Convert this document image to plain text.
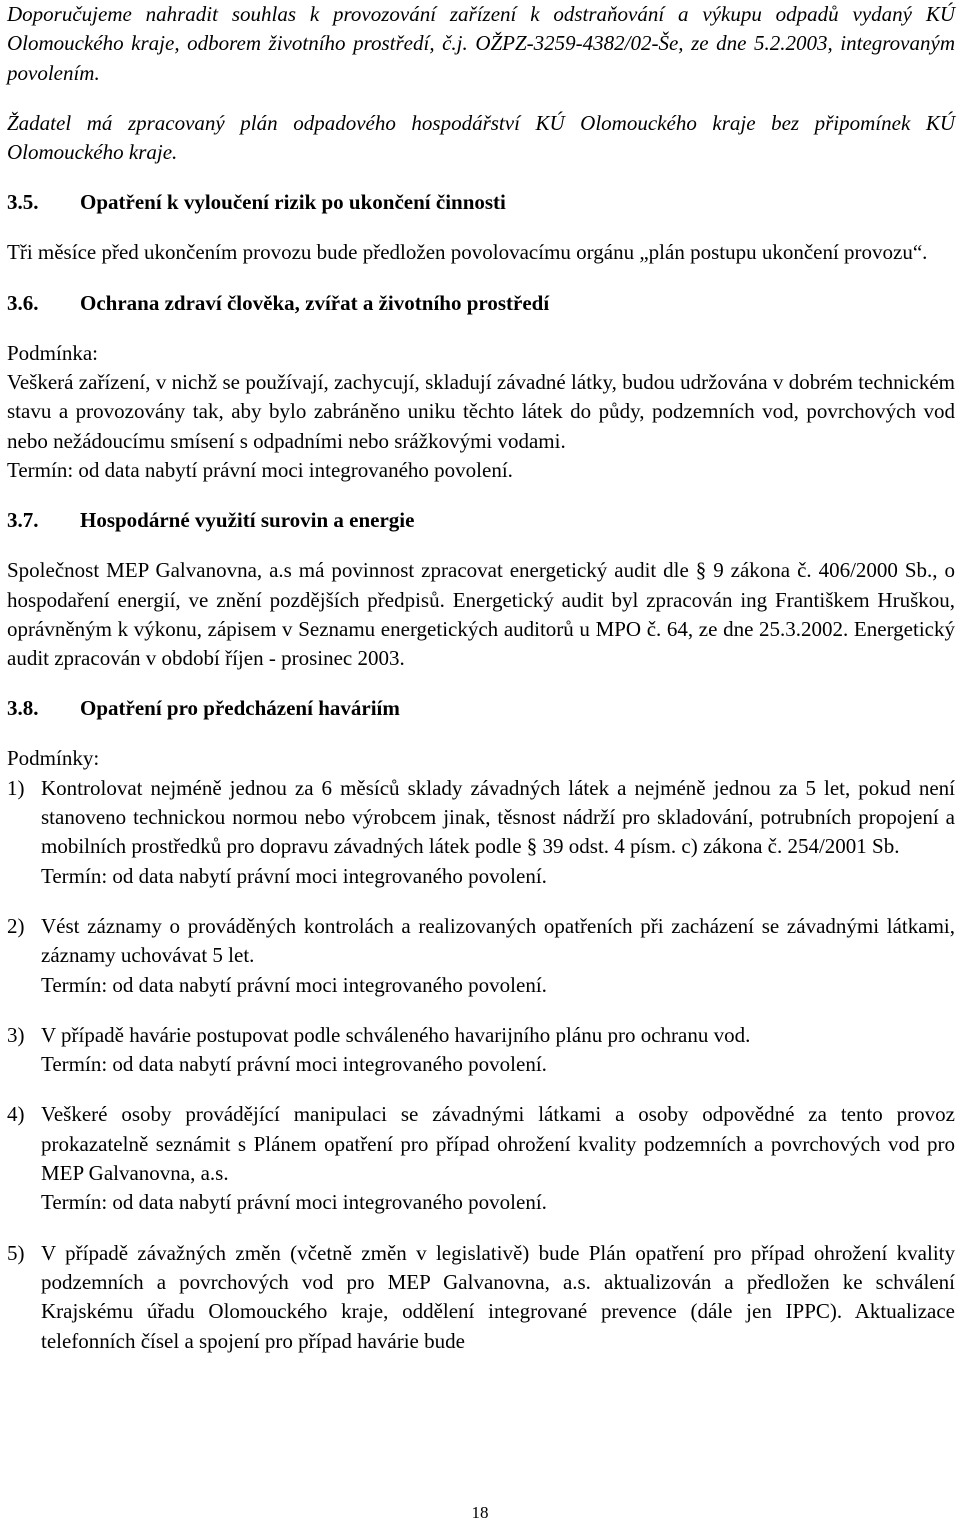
Doporučujeme nahradit souhlas k provozování zařízení k odstraňování a výkupu odpadů vydaný KÚ Olomouckého kraje, odborem životního prostředí, č.j. OŽPZ-3259-4382/02-Še, ze dne 5.2.2003, integrovaným povolením.

Žadatel má zpracovaný plán odpadového hospodářství KÚ Olomouckého kraje bez připomínek KÚ Olomouckého kraje.

3.5.	Opatření k vyloučení rizik po ukončení činnosti

Tři měsíce před ukončením provozu bude předložen povolovacímu orgánu „plán postupu ukončení provozu“.

3.6.	Ochrana zdraví člověka, zvířat a životního prostředí

Podmínka:

Veškerá zařízení, v nichž se používají, zachycují, skladují závadné látky, budou udržována v dobrém technickém stavu a provozovány tak, aby bylo zabráněno uniku těchto látek do půdy, podzemních vod, povrchových vod nebo nežádoucímu smísení s odpadními nebo srážkovými vodami.

Termín: od data nabytí právní moci integrovaného povolení.

3.7.	Hospodárné využití surovin a energie

Společnost MEP Galvanovna, a.s má povinnost zpracovat energetický audit dle § 9 zákona č. 406/2000 Sb., o hospodaření energií, ve znění pozdějších předpisů. Energetický audit byl zpracován ing Františkem Hruškou, oprávněným k výkonu, zápisem v Seznamu energetických auditorů u MPO č. 64, ze dne 25.3.2002. Energetický audit zpracován v období říjen - prosinec 2003.

3.8.	Opatření pro předcházení haváriím

Podmínky:

1) Kontrolovat nejméně jednou za 6 měsíců sklady závadných látek a nejméně jednou za 5 let, pokud není stanoveno technickou normou nebo výrobcem jinak, těsnost nádrží pro skladování, potrubních propojení a mobilních prostředků pro dopravu závadných látek podle § 39 odst. 4 písm. c) zákona č. 254/2001 Sb.

Termín: od data nabytí právní moci integrovaného povolení.

2) Vést záznamy o prováděných kontrolách a realizovaných opatřeních při zacházení se závadnými látkami, záznamy uchovávat 5 let.

Termín: od data nabytí právní moci integrovaného povolení.

3) V případě havárie postupovat podle schváleného havarijního plánu pro ochranu vod.

Termín: od data nabytí právní moci integrovaného povolení.

4) Veškeré osoby provádějící manipulaci se závadnými látkami a osoby odpovědné za tento provoz prokazatelně seznámit s Plánem opatření pro případ ohrožení kvality podzemních a povrchových vod pro MEP Galvanovna, a.s.

Termín: od data nabytí právní moci integrovaného povolení.

5) V případě závažných změn (včetně změn v legislativě) bude Plán opatření pro případ ohrožení kvality podzemních a povrchových vod pro MEP Galvanovna, a.s. aktualizován a předložen ke schválení Krajskému úřadu Olomouckého kraje, oddělení integrované prevence (dále jen IPPC). Aktualizace telefonních čísel a spojení pro případ havárie bude

18
